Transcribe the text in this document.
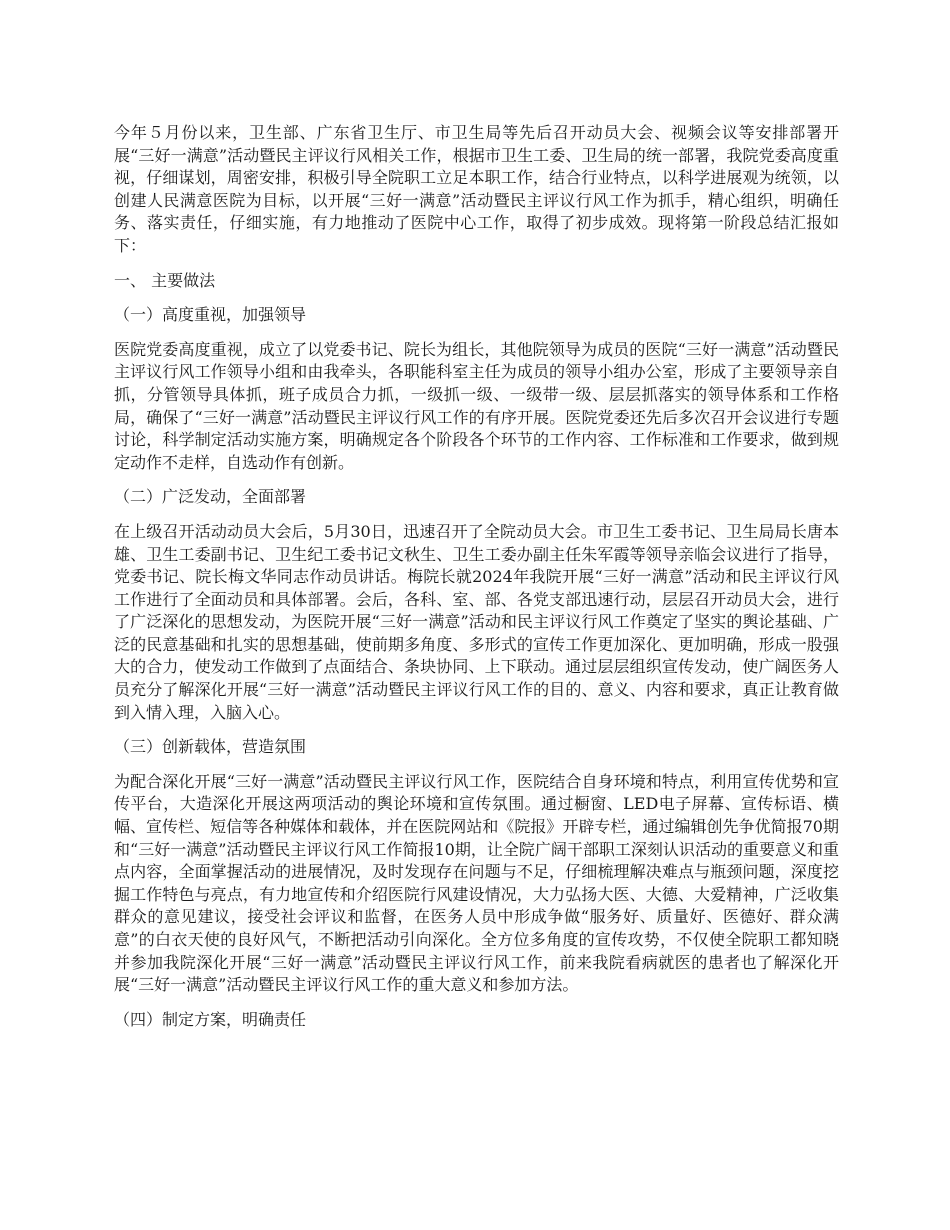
今年５月份以来，卫生部、广东省卫生厅、市卫生局等先后召开动员大会、视频会议等安排部署开展“三好一满意”活动暨民主评议行风相关工作，根据市卫生工委、卫生局的统一部署，我院党委高度重视，仔细谋划，周密安排，积极引导全院职工立足本职工作，结合行业特点，以科学进展观为统领，以创建人民满意医院为目标，以开展“三好一满意”活动暨民主评议行风工作为抓手，精心组织，明确任务、落实责任，仔细实施，有力地推动了医院中心工作，取得了初步成效。现将第一阶段总结汇报如下：

一、 主要做法

（一）高度重视，加强领导

医院党委高度重视，成立了以党委书记、院长为组长，其他院领导为成员的医院“三好一满意”活动暨民主评议行风工作领导小组和由我牵头，各职能科室主任为成员的领导小组办公室，形成了主要领导亲自抓，分管领导具体抓，班子成员合力抓，一级抓一级、一级带一级、层层抓落实的领导体系和工作格局，确保了“三好一满意”活动暨民主评议行风工作的有序开展。医院党委还先后多次召开会议进行专题讨论，科学制定活动实施方案，明确规定各个阶段各个环节的工作内容、工作标准和工作要求，做到规定动作不走样，自选动作有创新。

（二）广泛发动，全面部署

在上级召开活动动员大会后，5月30日，迅速召开了全院动员大会。市卫生工委书记、卫生局局长唐本雄、卫生工委副书记、卫生纪工委书记文秋生、卫生工委办副主任朱军霞等领导亲临会议进行了指导，党委书记、院长梅文华同志作动员讲话。梅院长就2024年我院开展“三好一满意”活动和民主评议行风工作进行了全面动员和具体部署。会后，各科、室、部、各党支部迅速行动，层层召开动员大会，进行了广泛深化的思想发动，为医院开展“三好一满意”活动和民主评议行风工作奠定了坚实的舆论基础、广泛的民意基础和扎实的思想基础，使前期多角度、多形式的宣传工作更加深化、更加明确，形成一股强大的合力，使发动工作做到了点面结合、条块协同、上下联动。通过层层组织宣传发动，使广阔医务人员充分了解深化开展“三好一满意”活动暨民主评议行风工作的目的、意义、内容和要求，真正让教育做到入情入理，入脑入心。

（三）创新载体，营造氛围

为配合深化开展“三好一满意”活动暨民主评议行风工作，医院结合自身环境和特点，利用宣传优势和宣传平台，大造深化开展这两项活动的舆论环境和宣传氛围。通过橱窗、LED电子屏幕、宣传标语、横幅、宣传栏、短信等各种媒体和载体，并在医院网站和《院报》开辟专栏，通过编辑创先争优简报70期和“三好一满意”活动暨民主评议行风工作简报10期，让全院广阔干部职工深刻认识活动的重要意义和重点内容，全面掌握活动的进展情况，及时发现存在问题与不足，仔细梳理解决难点与瓶颈问题，深度挖掘工作特色与亮点，有力地宣传和介绍医院行风建设情况，大力弘扬大医、大德、大爱精神，广泛收集群众的意见建议，接受社会评议和监督，在医务人员中形成争做“服务好、质量好、医德好、群众满意”的白衣天使的良好风气，不断把活动引向深化。全方位多角度的宣传攻势，不仅使全院职工都知晓并参加我院深化开展“三好一满意”活动暨民主评议行风工作，前来我院看病就医的患者也了解深化开展“三好一满意”活动暨民主评议行风工作的重大意义和参加方法。

（四）制定方案，明确责任
